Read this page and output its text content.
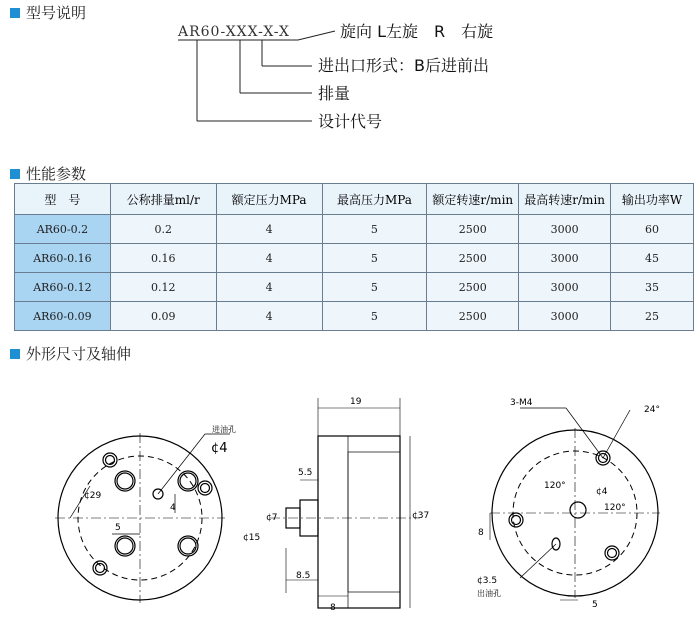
型号说明
AR60-XXX-X-X	旋向 L左旋　R　右旋
进出口形式：B后进前出
排量
设计代号
性能参数
型　号	公称排量ml/r	额定压力MPa	最高压力MPa	额定转速r/min	最高转速r/min	输出功率W
AR60-0.2	0.2	4	5	2500	3000	60
AR60-0.16	0.16	4	5	2500	3000	45
AR60-0.12	0.12	4	5	2500	3000	35
AR60-0.09	0.09	4	5	2500	3000	25
外形尺寸及轴伸
进油孔
¢4
¢29
4
5
19
5.5
¢7
¢15
¢37
8.5
8
3-M4
24°
120°
120°
¢4
8
¢3.5
出油孔
5
